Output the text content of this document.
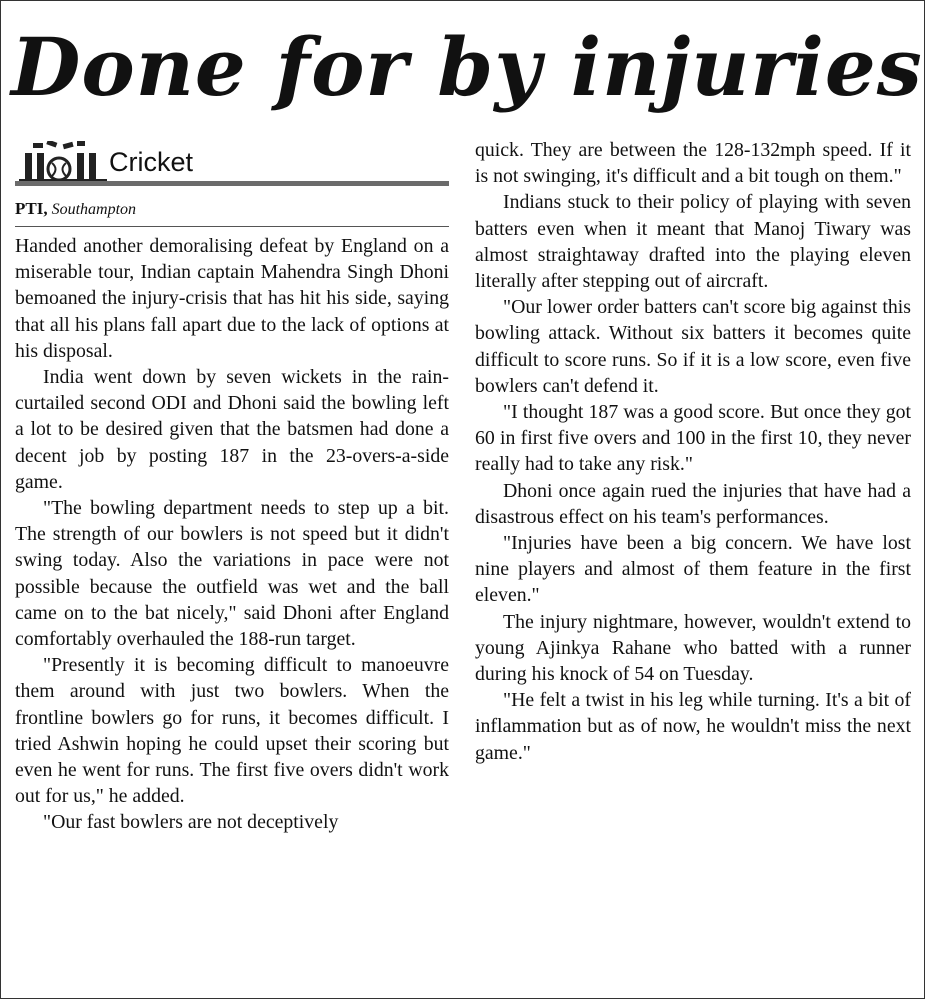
Done for by injuries
Cricket

PTI, Southampton

Handed another demoralising defeat by England on a miserable tour, Indian captain Mahendra Singh Dhoni bemoaned the injury-crisis that has hit his side, saying that all his plans fall apart due to the lack of options at his disposal.

India went down by seven wickets in the rain-curtailed second ODI and Dhoni said the bowling left a lot to be desired given that the batsmen had done a decent job by posting 187 in the 23-overs-a-side game.

"The bowling department needs to step up a bit. The strength of our bowlers is not speed but it didn't swing today. Also the variations in pace were not possible because the outfield was wet and the ball came on to the bat nicely," said Dhoni after England comfortably overhauled the 188-run target.

"Presently it is becoming difficult to manoeuvre them around with just two bowlers. When the frontline bowlers go for runs, it becomes difficult. I tried Ashwin hoping he could upset their scoring but even he went for runs. The first five overs didn't work out for us," he added.

"Our fast bowlers are not deceptively

quick. They are between the 128-132mph speed. If it is not swinging, it's difficult and a bit tough on them."

Indians stuck to their policy of playing with seven batters even when it meant that Manoj Tiwary was almost straightaway drafted into the playing eleven literally after stepping out of aircraft.

"Our lower order batters can't score big against this bowling attack. Without six batters it becomes quite difficult to score runs. So if it is a low score, even five bowlers can't defend it.

"I thought 187 was a good score. But once they got 60 in first five overs and 100 in the first 10, they never really had to take any risk."

Dhoni once again rued the injuries that have had a disastrous effect on his team's performances.

"Injuries have been a big concern. We have lost nine players and almost of them feature in the first eleven."

The injury nightmare, however, wouldn't extend to young Ajinkya Rahane who batted with a runner during his knock of 54 on Tuesday.

"He felt a twist in his leg while turning. It's a bit of inflammation but as of now, he wouldn't miss the next game."
